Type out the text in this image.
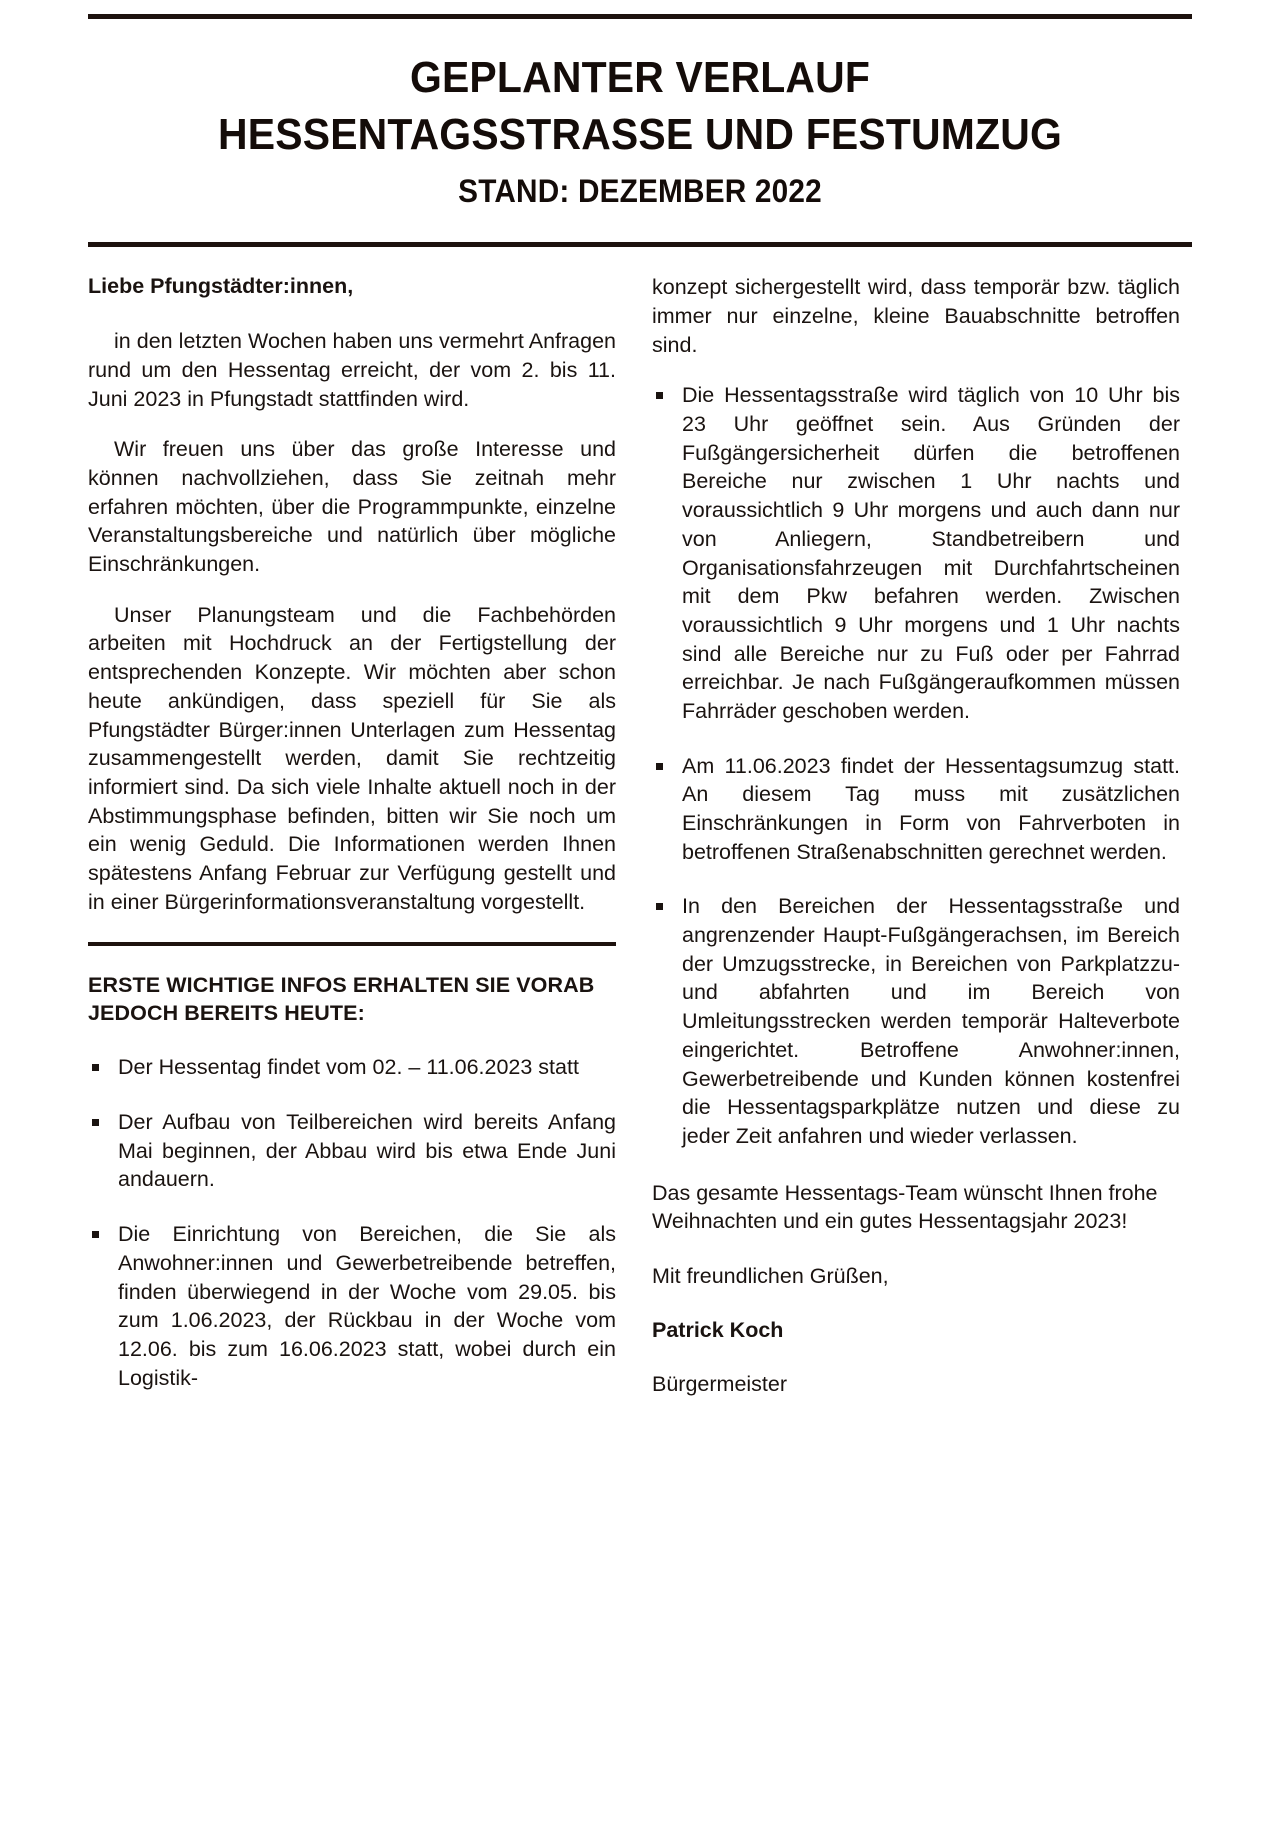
GEPLANTER VERLAUF
HESSENTAGSSTRASSE UND FESTUMZUG
STAND: DEZEMBER 2022

Liebe Pfungstädter:innen,

in den letzten Wochen haben uns vermehrt Anfragen rund um den Hessentag erreicht, der vom 2. bis 11. Juni 2023 in Pfungstadt stattfinden wird.

Wir freuen uns über das große Interesse und können nachvollziehen, dass Sie zeitnah mehr erfahren möchten, über die Programmpunkte, einzelne Veranstaltungsbereiche und natürlich über mögliche Einschränkungen.

Unser Planungsteam und die Fachbehörden arbeiten mit Hochdruck an der Fertigstellung der entsprechenden Konzepte. Wir möchten aber schon heute ankündigen, dass speziell für Sie als Pfungstädter Bürger:innen Unterlagen zum Hessentag zusammengestellt werden, damit Sie rechtzeitig informiert sind. Da sich viele Inhalte aktuell noch in der Abstimmungsphase befinden, bitten wir Sie noch um ein wenig Geduld. Die Informationen werden Ihnen spätestens Anfang Februar zur Verfügung gestellt und in einer Bürgerinformationsveranstaltung vorgestellt.

ERSTE WICHTIGE INFOS ERHALTEN SIE VORAB JEDOCH BEREITS HEUTE:

Der Hessentag findet vom 02. – 11.06.2023 statt
Der Aufbau von Teilbereichen wird bereits Anfang Mai beginnen, der Abbau wird bis etwa Ende Juni andauern.
Die Einrichtung von Bereichen, die Sie als Anwohner:innen und Gewerbetreibende betreffen, finden überwiegend in der Woche vom 29.05. bis zum 1.06.2023, der Rückbau in der Woche vom 12.06. bis zum 16.06.2023 statt, wobei durch ein Logistik-

konzept sichergestellt wird, dass temporär bzw. täglich immer nur einzelne, kleine Bauabschnitte betroffen sind.

Die Hessentagsstraße wird täglich von 10 Uhr bis 23 Uhr geöffnet sein. Aus Gründen der Fußgängersicherheit dürfen die betroffenen Bereiche nur zwischen 1 Uhr nachts und voraussichtlich 9 Uhr morgens und auch dann nur von Anliegern, Standbetreibern und Organisationsfahrzeugen mit Durchfahrtscheinen mit dem Pkw befahren werden. Zwischen voraussichtlich 9 Uhr morgens und 1 Uhr nachts sind alle Bereiche nur zu Fuß oder per Fahrrad erreichbar. Je nach Fußgängeraufkommen müssen Fahrräder geschoben werden.
Am 11.06.2023 findet der Hessentagsumzug statt. An diesem Tag muss mit zusätzlichen Einschränkungen in Form von Fahrverboten in betroffenen Straßenabschnitten gerechnet werden.
In den Bereichen der Hessentagsstraße und angrenzender Haupt-Fußgängerachsen, im Bereich der Umzugsstrecke, in Bereichen von Parkplatzzu- und abfahrten und im Bereich von Umleitungsstrecken werden temporär Halteverbote eingerichtet. Betroffene Anwohner:innen, Gewerbetreibende und Kunden können kostenfrei die Hessentagsparkplätze nutzen und diese zu jeder Zeit anfahren und wieder verlassen.

Das gesamte Hessentags-Team wünscht Ihnen frohe Weihnachten und ein gutes Hessentagsjahr 2023!

Mit freundlichen Grüßen,

Patrick Koch

Bürgermeister
